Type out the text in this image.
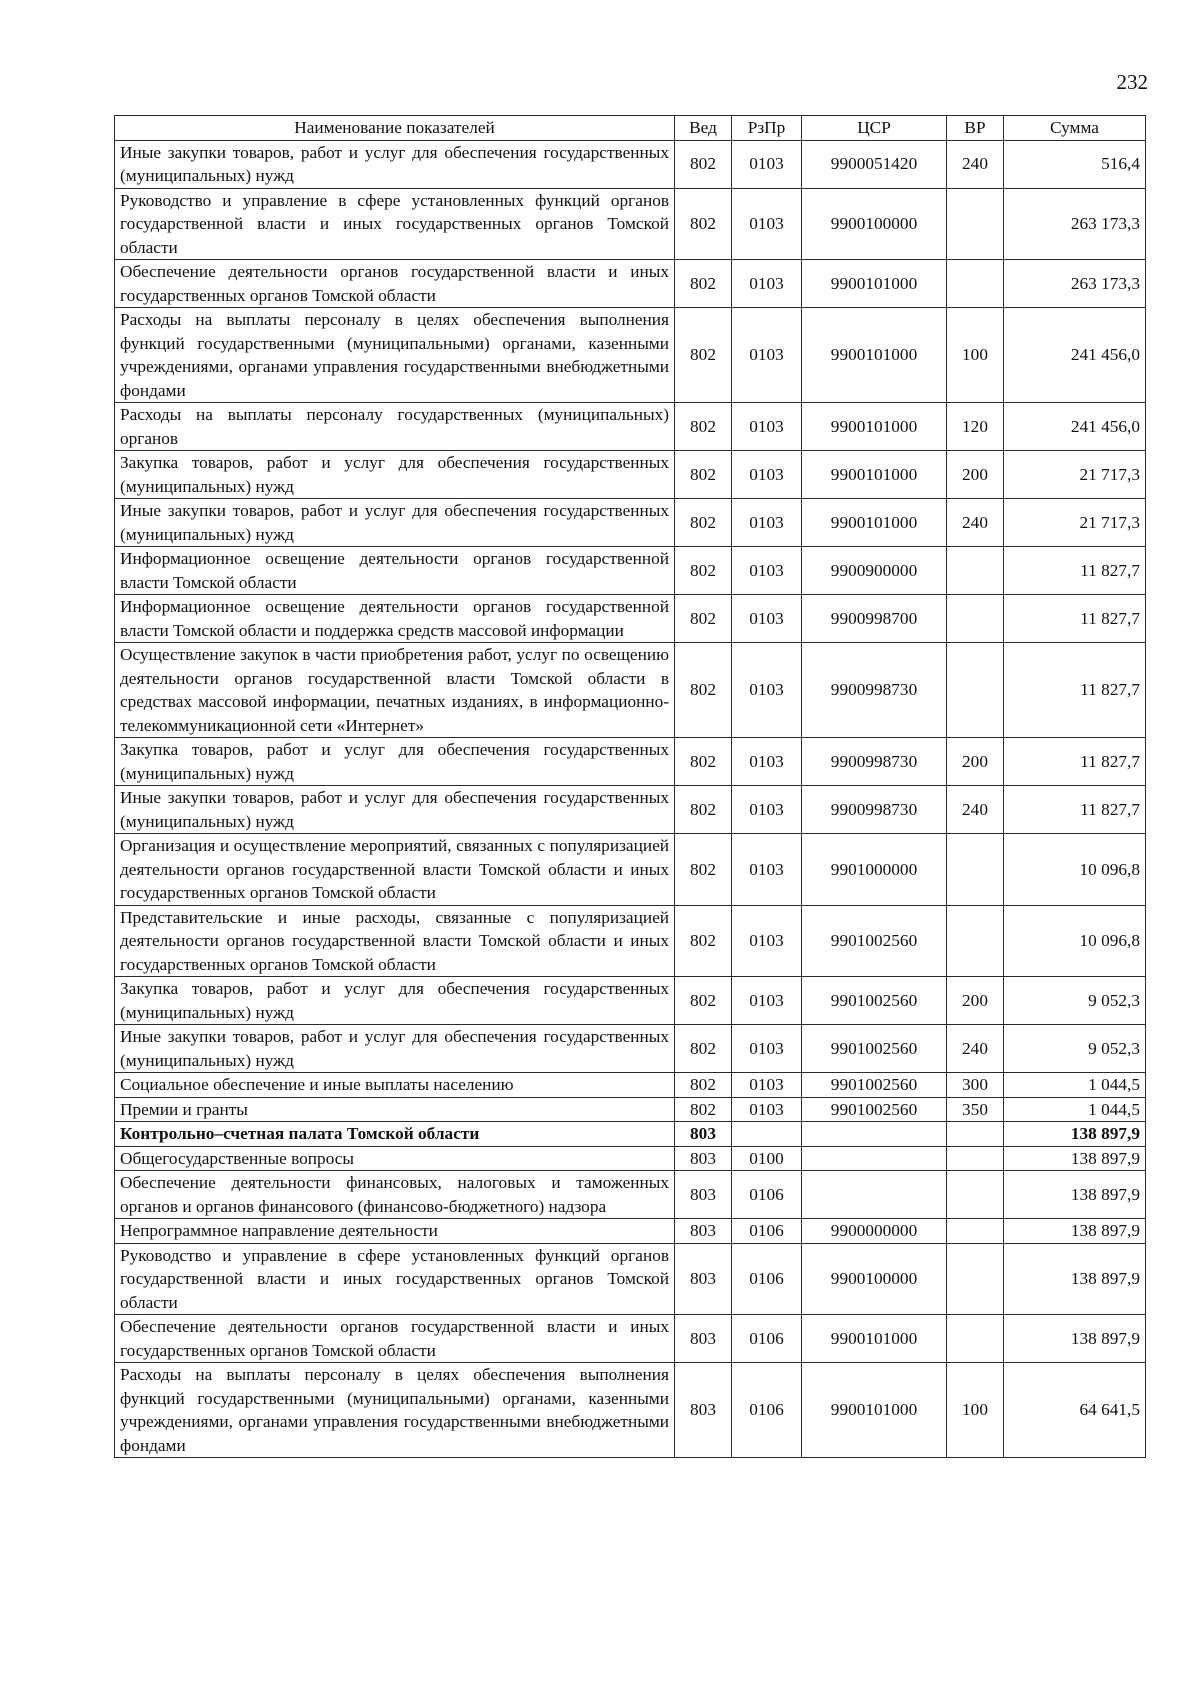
232
Наименование показателей	Вед	РзПр	ЦСР	ВР	Сумма
Иные закупки товаров, работ и услуг для обеспечения государственных (муниципальных) нужд	802	0103	9900051420	240	516,4
Руководство и управление в сфере установленных функций органов государственной власти и иных государственных органов Томской области	802	0103	9900100000		263 173,3
Обеспечение деятельности органов государственной власти и иных государственных органов Томской области	802	0103	9900101000		263 173,3
Расходы на выплаты персоналу в целях обеспечения выполнения функций государственными (муниципальными) органами, казенными учреждениями, органами управления государственными внебюджетными фондами	802	0103	9900101000	100	241 456,0
Расходы на выплаты персоналу государственных (муниципальных) органов	802	0103	9900101000	120	241 456,0
Закупка товаров, работ и услуг для обеспечения государственных (муниципальных) нужд	802	0103	9900101000	200	21 717,3
Иные закупки товаров, работ и услуг для обеспечения государственных (муниципальных) нужд	802	0103	9900101000	240	21 717,3
Информационное освещение деятельности органов государственной власти Томской области	802	0103	9900900000		11 827,7
Информационное освещение деятельности органов государственной власти Томской области и поддержка средств массовой информации	802	0103	9900998700		11 827,7
Осуществление закупок в части приобретения работ, услуг по освещению деятельности органов государственной власти Томской области в средствах массовой информации, печатных изданиях, в информационно-телекоммуникационной сети «Интернет»	802	0103	9900998730		11 827,7
Закупка товаров, работ и услуг для обеспечения государственных (муниципальных) нужд	802	0103	9900998730	200	11 827,7
Иные закупки товаров, работ и услуг для обеспечения государственных (муниципальных) нужд	802	0103	9900998730	240	11 827,7
Организация и осуществление мероприятий, связанных с популяризацией деятельности органов государственной власти Томской области и иных государственных органов Томской области	802	0103	9901000000		10 096,8
Представительские и иные расходы, связанные с популяризацией деятельности органов государственной власти Томской области и иных государственных органов Томской области	802	0103	9901002560		10 096,8
Закупка товаров, работ и услуг для обеспечения государственных (муниципальных) нужд	802	0103	9901002560	200	9 052,3
Иные закупки товаров, работ и услуг для обеспечения государственных (муниципальных) нужд	802	0103	9901002560	240	9 052,3
Социальное обеспечение и иные выплаты населению	802	0103	9901002560	300	1 044,5
Премии и гранты	802	0103	9901002560	350	1 044,5
Контрольно–счетная палата Томской области	803				138 897,9
Общегосударственные вопросы	803	0100			138 897,9
Обеспечение деятельности финансовых, налоговых и таможенных органов и органов финансового (финансово-бюджетного) надзора	803	0106			138 897,9
Непрограммное направление деятельности	803	0106	9900000000		138 897,9
Руководство и управление в сфере установленных функций органов государственной власти и иных государственных органов Томской области	803	0106	9900100000		138 897,9
Обеспечение деятельности органов государственной власти и иных государственных органов Томской области	803	0106	9900101000		138 897,9
Расходы на выплаты персоналу в целях обеспечения выполнения функций государственными (муниципальными) органами, казенными учреждениями, органами управления государственными внебюджетными фондами	803	0106	9900101000	100	64 641,5
